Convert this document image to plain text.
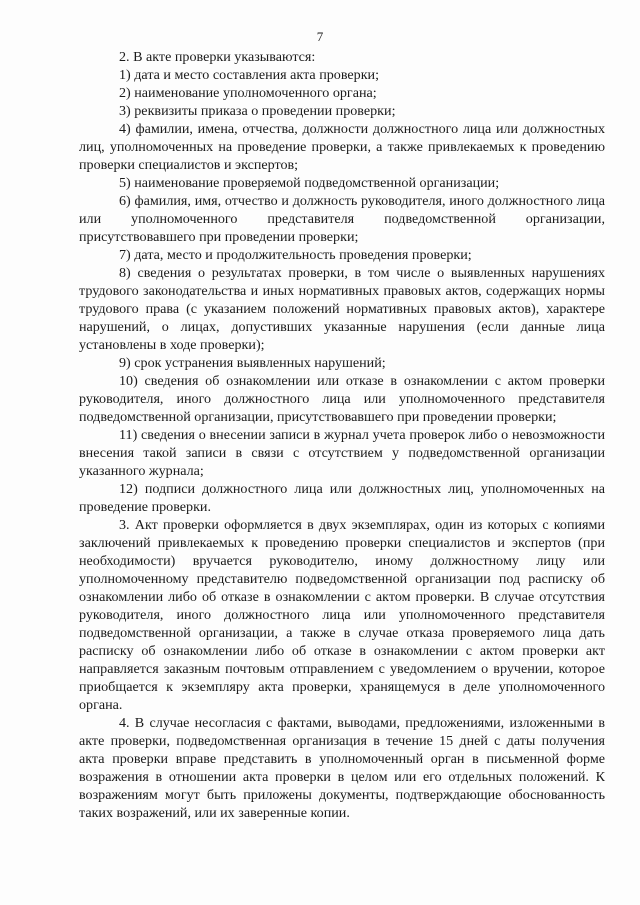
7

2. В акте проверки указываются:

1) дата и место составления акта проверки;

2) наименование уполномоченного органа;

3) реквизиты приказа о проведении проверки;

4) фамилии, имена, отчества, должности должностного лица или должностных лиц, уполномоченных на проведение проверки, а также привлекаемых к проведению проверки специалистов и экспертов;

5) наименование проверяемой подведомственной организации;

6) фамилия, имя, отчество и должность руководителя, иного должностного лица или уполномоченного представителя подведомственной организации, присутствовавшего при проведении проверки;

7) дата, место и продолжительность проведения проверки;

8) сведения о результатах проверки, в том числе о выявленных нарушениях трудового законодательства и иных нормативных правовых актов, содержащих нормы трудового права (с указанием положений нормативных правовых актов), характере нарушений, о лицах, допустивших указанные нарушения (если данные лица установлены в ходе проверки);

9) срок устранения выявленных нарушений;

10) сведения об ознакомлении или отказе в ознакомлении с актом проверки руководителя, иного должностного лица или уполномоченного представителя подведомственной организации, присутствовавшего при проведении проверки;

11) сведения о внесении записи в журнал учета проверок либо о невозможности внесения такой записи в связи с отсутствием у подведомственной организации указанного журнала;

12) подписи должностного лица или должностных лиц, уполномоченных на проведение проверки.

3. Акт проверки оформляется в двух экземплярах, один из которых с копиями заключений привлекаемых к проведению проверки специалистов и экспертов (при необходимости) вручается руководителю, иному должностному лицу или уполномоченному представителю подведомственной организации под расписку об ознакомлении либо об отказе в ознакомлении с актом проверки. В случае отсутствия руководителя, иного должностного лица или уполномоченного представителя подведомственной организации, а также в случае отказа проверяемого лица дать расписку об ознакомлении либо об отказе в ознакомлении с актом проверки акт направляется заказным почтовым отправлением с уведомлением о вручении, которое приобщается к экземпляру акта проверки, хранящемуся в деле уполномоченного органа.

4. В случае несогласия с фактами, выводами, предложениями, изложенными в акте проверки, подведомственная организация в течение 15 дней с даты получения акта проверки вправе представить в уполномоченный орган в письменной форме возражения в отношении акта проверки в целом или его отдельных положений. К возражениям могут быть приложены документы, подтверждающие обоснованность таких возражений, или их заверенные копии.
